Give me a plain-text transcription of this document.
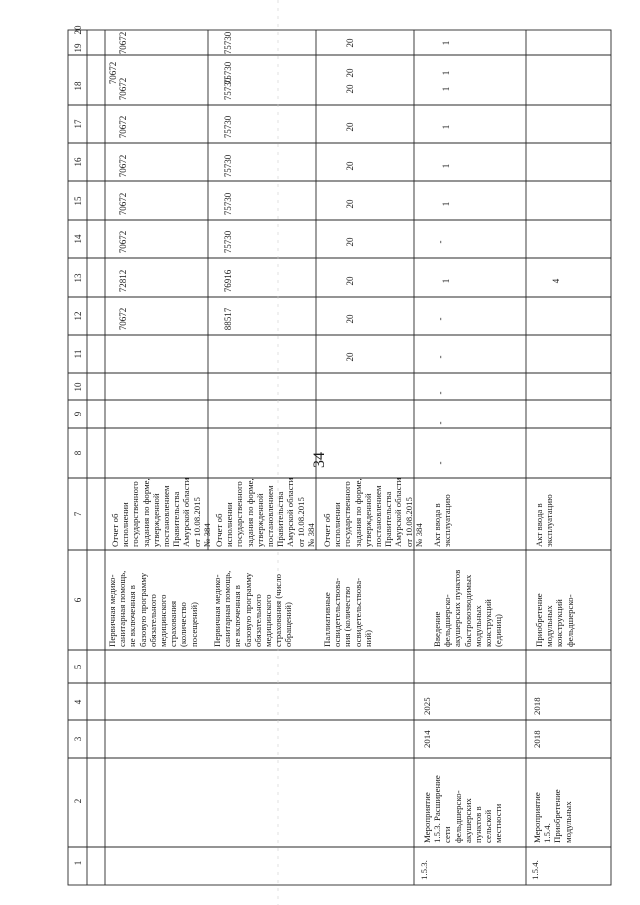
34
1
2
3
4
5
6
7
8
9
10
11
12
13
14
15
16
17
18
19
20
Первичная медико-
санитарная помощь,
не включенная в
базовую программу
обязательного
медицинского
страхования
(количество
посещений)
Отчет об
исполнении
государственного
задания по форме,
утвержденной
постановлением
Правительства
Амурской области
от 10.08.2015
№ 384
70672
72812
70672
70672
70672
70672
70672
70672
70672
Первичная медико-
санитарная помощь,
не включенная в
базовую программу
обязательного
медицинского
страхования (число
обращений)
Отчет об
исполнении
государственного
задания по форме,
утвержденной
постановлением
Правительства
Амурской области
от 10.08.2015
№ 384
88517
76916
75730
75730
75730
75730
75730
75730
75730
Паллиативные
освидетельствова-
ния (количество
освидетельствова-
ний)
Отчет об
исполнении
государственного
задания по форме,
утвержденной
постановлением
Правительства
Амурской области
от 10.08.2015
№ 384
20
20
20
20
20
20
20
20
20
20
1.5.3.
Мероприятие
1.5.3. Расширение
сети
фельдшерско-
акушерских
пунктов в
сельской
местности
2014
2025
Введение
фельдшерско-
акушерских пунктов
быстровозводимых
модульных
конструкций
(единиц)
Акт ввода в
эксплуатацию
-
-
-
-
-
1
-
1
1
1
1
1
1
1.5.4.
Мероприятие
1.5.4.
Приобретение
модульных
2018
2018
Приобретение
модульных
конструкций
фельдшерско-
Акт ввода в
эксплуатацию
4
